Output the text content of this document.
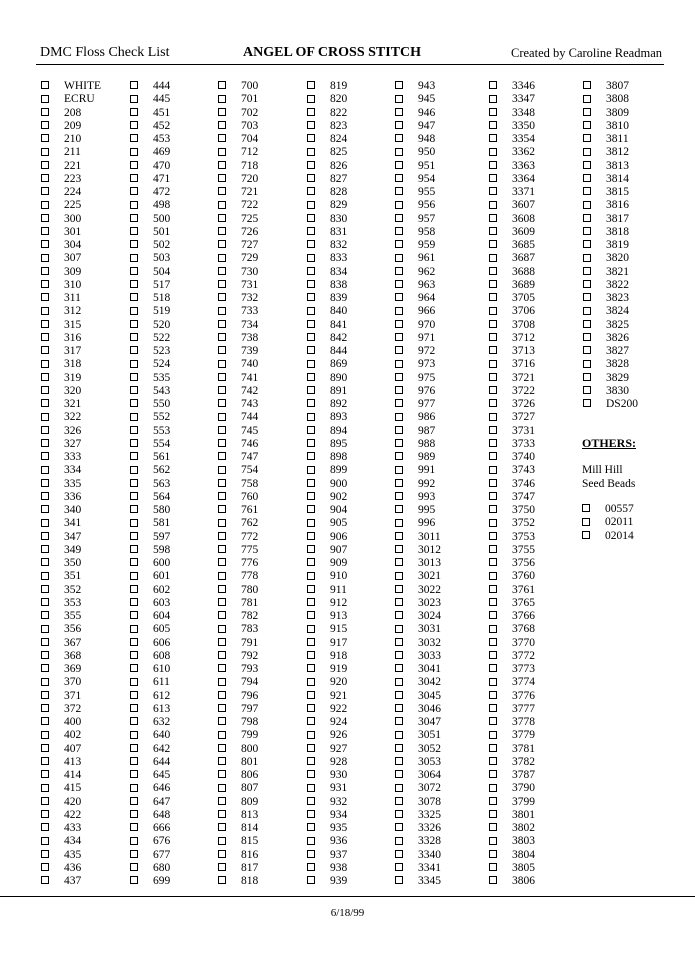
DMC Floss Check List	ANGEL OF CROSS STITCH	Created by Caroline Readman
WHITE
ECRU
208
209
210
211
221
223
224
225
300
301
304
307
309
310
311
312
315
316
317
318
319
320
321
322
326
327
333
334
335
336
340
341
347
349
350
351
352
353
355
356
367
368
369
370
371
372
400
402
407
413
414
415
420
422
433
434
435
436
437
444
445
451
452
453
469
470
471
472
498
500
501
502
503
504
517
518
519
520
522
523
524
535
543
550
552
553
554
561
562
563
564
580
581
597
598
600
601
602
603
604
605
606
608
610
611
612
613
632
640
642
644
645
646
647
648
666
676
677
680
699
700
701
702
703
704
712
718
720
721
722
725
726
727
729
730
731
732
733
734
738
739
740
741
742
743
744
745
746
747
754
758
760
761
762
772
775
776
778
780
781
782
783
791
792
793
794
796
797
798
799
800
801
806
807
809
813
814
815
816
817
818
819
820
822
823
824
825
826
827
828
829
830
831
832
833
834
838
839
840
841
842
844
869
890
891
892
893
894
895
898
899
900
902
904
905
906
907
909
910
911
912
913
915
917
918
919
920
921
922
924
926
927
928
930
931
932
934
935
936
937
938
939
943
945
946
947
948
950
951
954
955
956
957
958
959
961
962
963
964
966
970
971
972
973
975
976
977
986
987
988
989
991
992
993
995
996
3011
3012
3013
3021
3022
3023
3024
3031
3032
3033
3041
3042
3045
3046
3047
3051
3052
3053
3064
3072
3078
3325
3326
3328
3340
3341
3345
3346
3347
3348
3350
3354
3362
3363
3364
3371
3607
3608
3609
3685
3687
3688
3689
3705
3706
3708
3712
3713
3716
3721
3722
3726
3727
3731
3733
3740
3743
3746
3747
3750
3752
3753
3755
3756
3760
3761
3765
3766
3768
3770
3772
3773
3774
3776
3777
3778
3779
3781
3782
3787
3790
3799
3801
3802
3803
3804
3805
3806
3807
3808
3809
3810
3811
3812
3813
3814
3815
3816
3817
3818
3819
3820
3821
3822
3823
3824
3825
3826
3827
3828
3829
3830
DS200
OTHERS:
Mill Hill
Seed Beads
00557
02011
02014
6/18/99
